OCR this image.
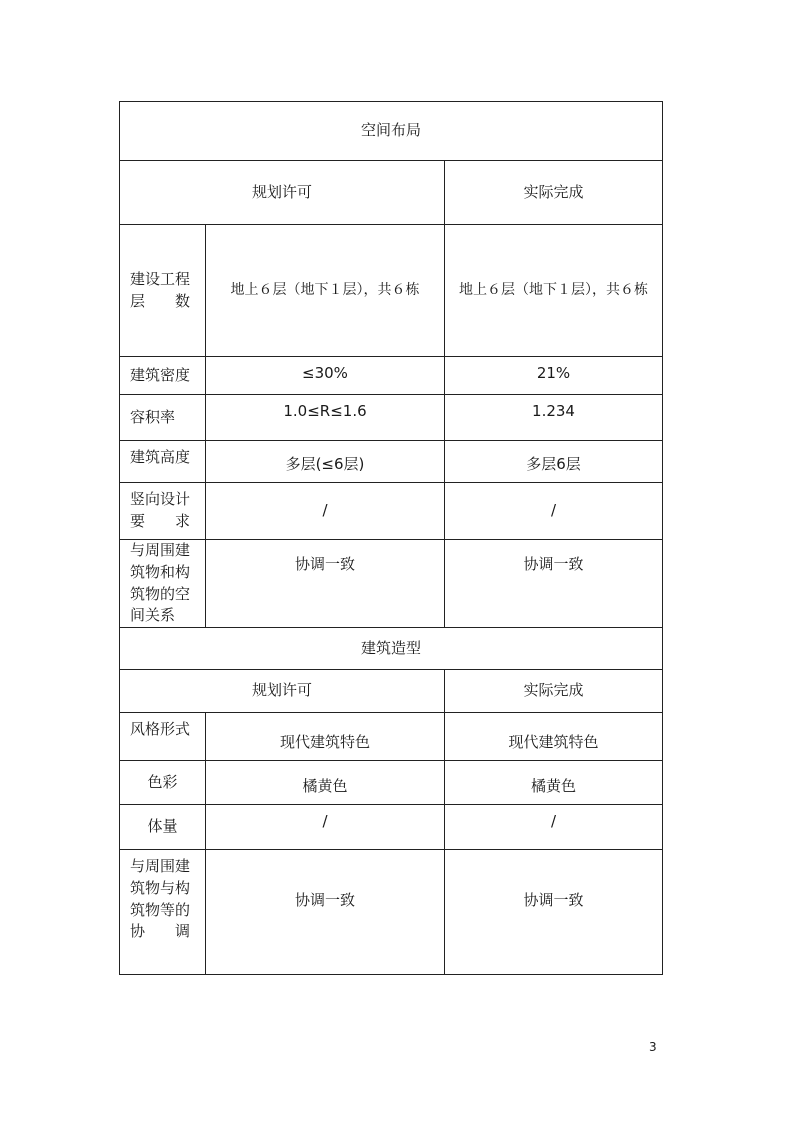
空间布局		
规划许可		实际完成

建设工程
层　　数	地上６层（地下１层），共６栋	地上６层（地下１层），共６栋
建筑密度	≤30%	21%
容积率	1.0≤R≤1.6	1.234
建筑高度	多层(≤6层)	多层6层

竖向设计
要　　求	/	/

与周围建
筑物和构
筑物的空
间关系	协调一致	协调一致
建筑造型		
规划许可		实际完成
风格形式	现代建筑特色	现代建筑特色
色彩	橘黄色	橘黄色
体量	/	/

与周围建
筑物与构
筑物等的
协　　调	协调一致	协调一致
3
